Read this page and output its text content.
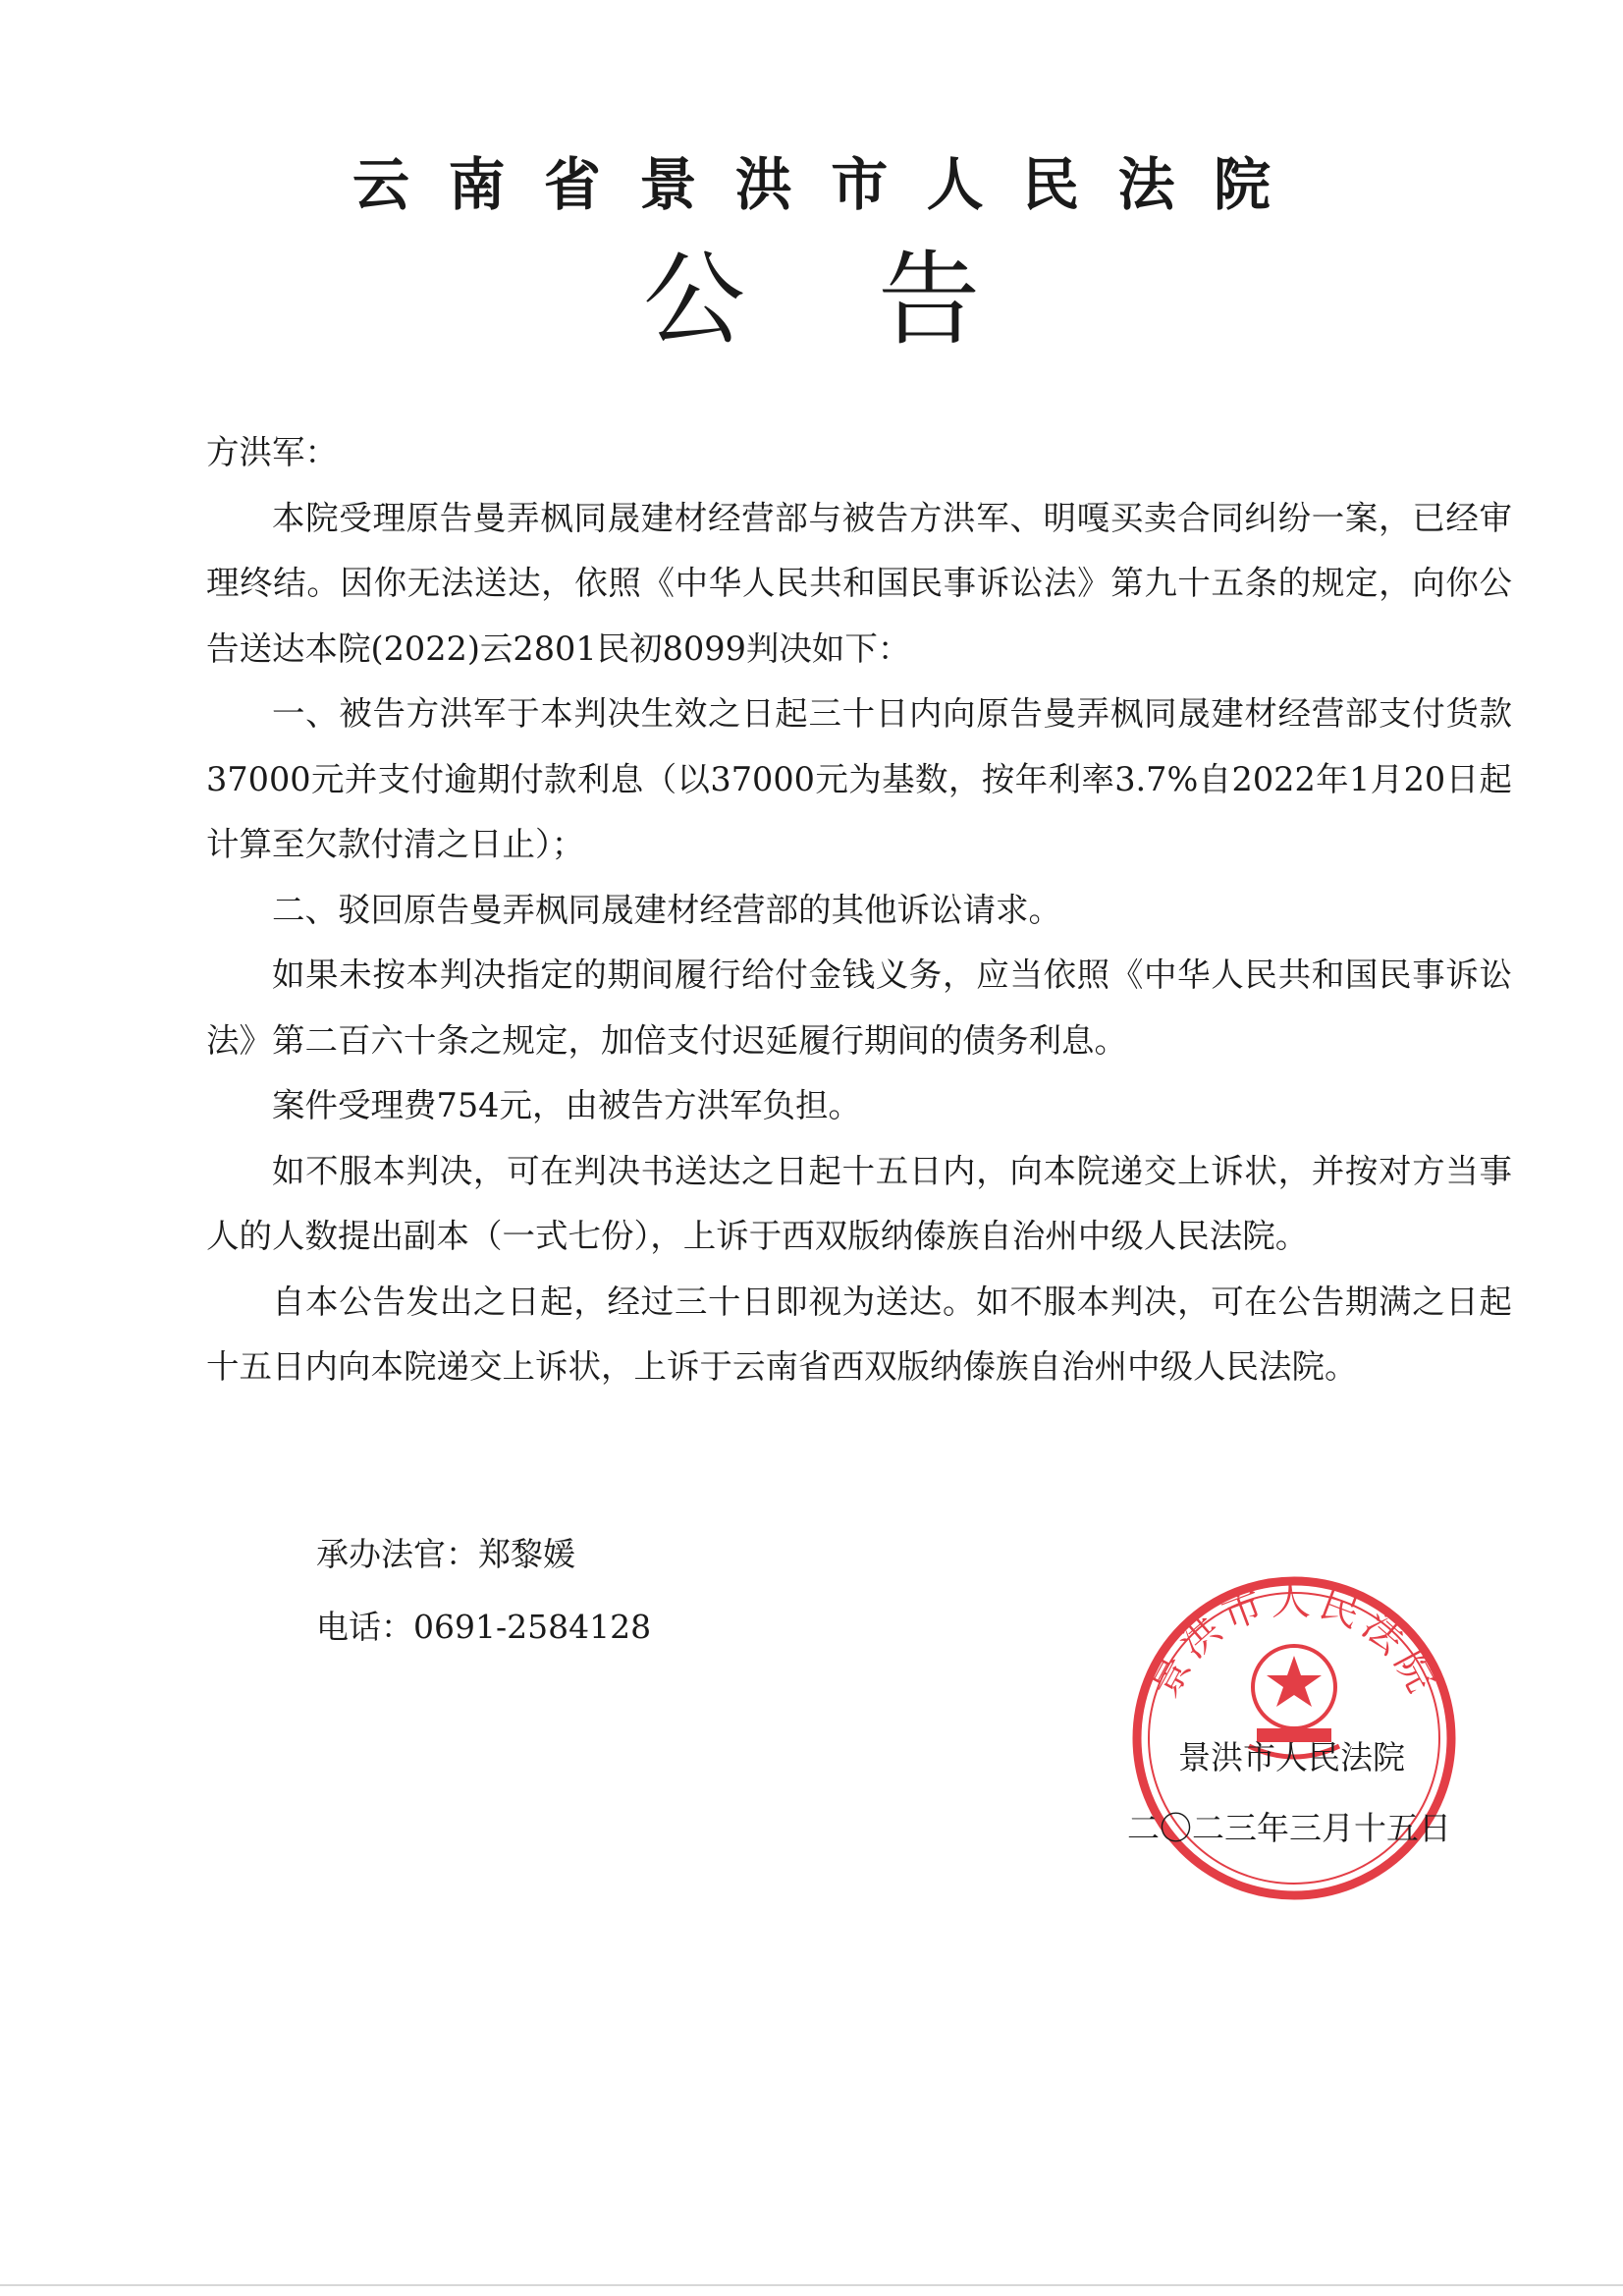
云南省景洪市人民法院
公告

方洪军：

本院受理原告曼弄枫同晟建材经营部与被告方洪军、明嘎买卖合同纠纷一案，已经审理终结。因你无法送达，依照《中华人民共和国民事诉讼法》第九十五条的规定，向你公告送达本院(2022)云2801民初8099判决如下：

一、被告方洪军于本判决生效之日起三十日内向原告曼弄枫同晟建材经营部支付货款37000元并支付逾期付款利息（以37000元为基数，按年利率3.7%自2022年1月20日起计算至欠款付清之日止）；

二、驳回原告曼弄枫同晟建材经营部的其他诉讼请求。

如果未按本判决指定的期间履行给付金钱义务，应当依照《中华人民共和国民事诉讼法》第二百六十条之规定，加倍支付迟延履行期间的债务利息。

案件受理费754元，由被告方洪军负担。

如不服本判决，可在判决书送达之日起十五日内，向本院递交上诉状，并按对方当事人的人数提出副本（一式七份），上诉于西双版纳傣族自治州中级人民法院。

自本公告发出之日起，经过三十日即视为送达。如不服本判决，可在公告期满之日起十五日内向本院递交上诉状，上诉于云南省西双版纳傣族自治州中级人民法院。

承办法官：郑黎媛
电话：0691-2584128
景洪市人民法院
景洪市人民法院
二〇二三年三月十五日
